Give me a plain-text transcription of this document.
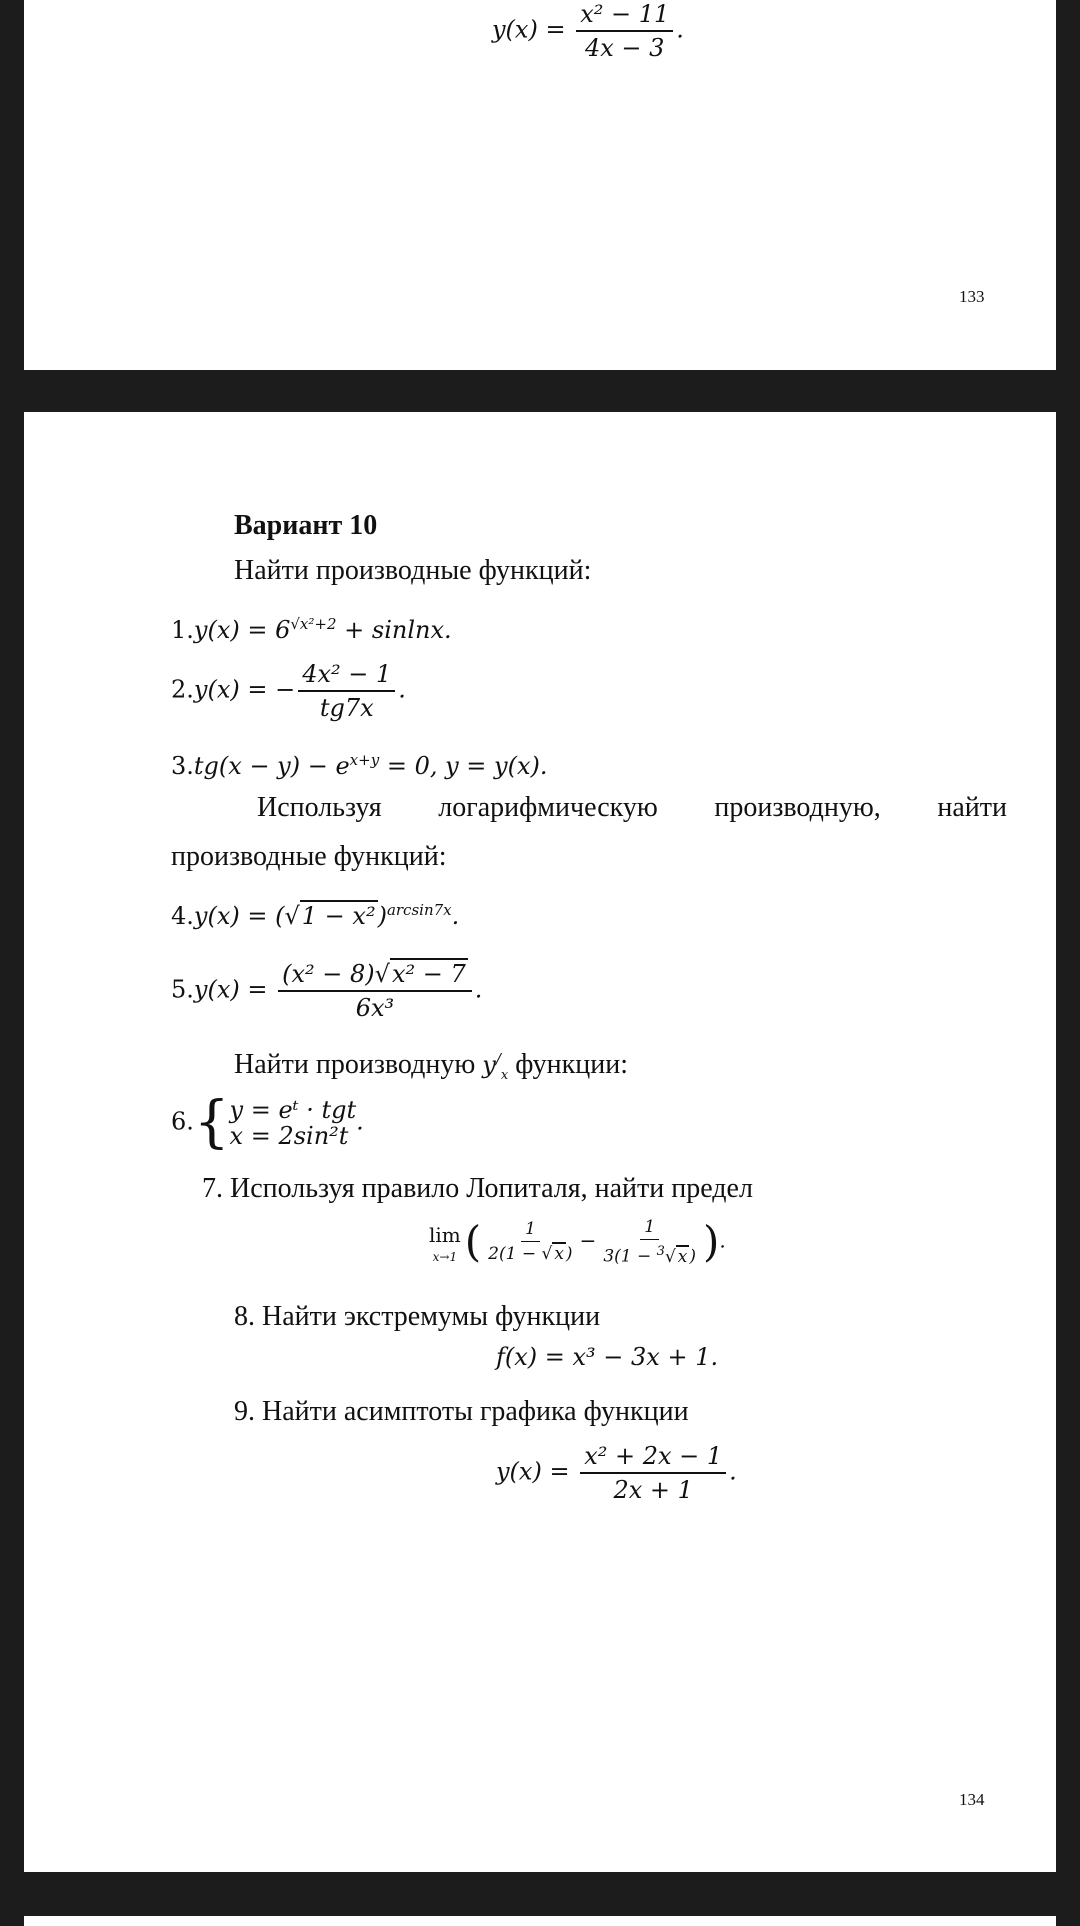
$y(x) = \frac{\text{x² − 11}}{4x - 3}$ .
133
Вариант 10
Найти производные функций:
$1.y(x) = 6^{√x^2+2} + sinlnx$.
2.y(x) = − $\frac{\text{4x² − 1}}{tg7x}$ .
$3.tg(x - y) - e^{x+y} = 0$, y = y(x).
Используя логарифмическую производную, найти
производные функций:
$4.y(x) = (√1 - x^2)^{arcsin7x}$.
$5.y(x) = \frac{\text{(x² − 8)√x² − 7}}{\text{6x³}}$ .
Найти производную $y^/_x$ функции:
6.{ y = eᵗ · tgt
x = 2sin²t
.
7. Используя правило Лопиталя, найти предел
lim
x→1 ( $\frac{1}{2(1 - √ x )} - \frac{1}{3(1 - ^3√ x )}$ ).
8. Найти экстремумы функции
f(x) = x³ − 3x + 1.
9. Найти асимптоты графика функции
$y(x) = \frac{\text{x² + 2x − 1}}{2x + 1}$ .
134
